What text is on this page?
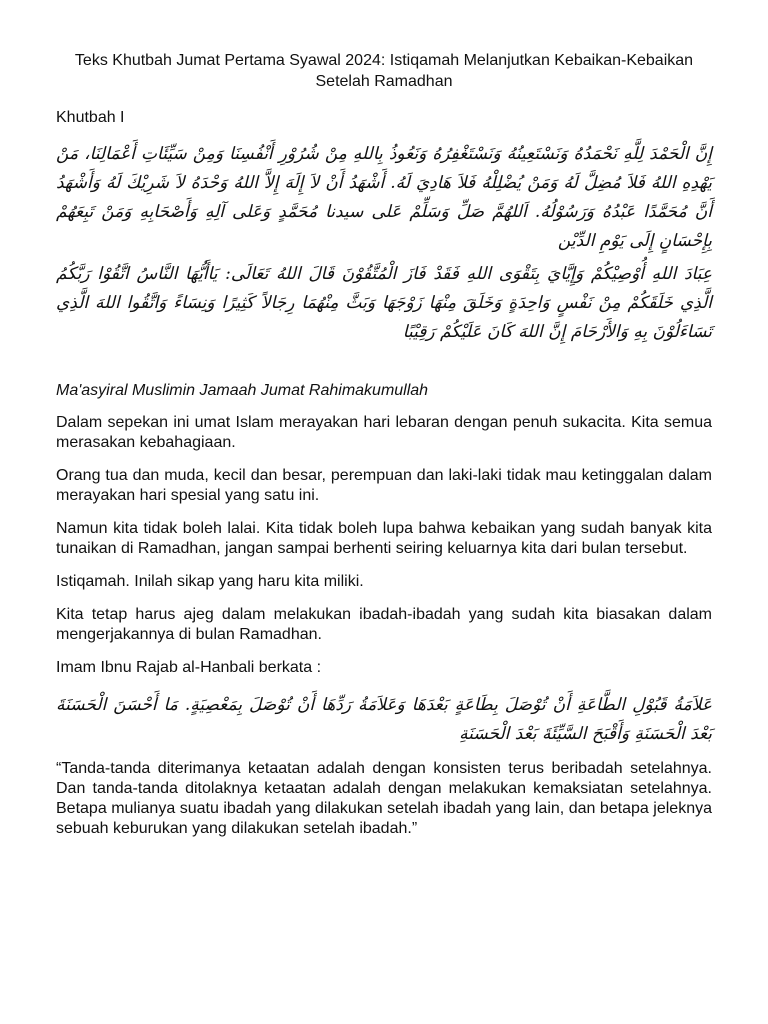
Teks Khutbah Jumat Pertama Syawal 2024: Istiqamah Melanjutkan Kebaikan-Kebaikan Setelah Ramadhan

Khutbah I

إِنَّ الْحَمْدَ لِلَّهِ نَحْمَدُهُ وَنَسْتَعِينُهُ وَنَسْتَغْفِرُهُ وَنَعُوذُ بِاللهِ مِنْ شُرُوْرِ أَنْفُسِنَا وَمِنْ سَيِّئَاتِ أَعْمَالِنَا، مَنْ يَهْدِهِ اللهُ فَلاَ مُضِلَّ لَهُ وَمَنْ يُضْلِلْهُ فَلاَ هَادِيَ لَهُ. أَشْهَدُ أَنْ لاَ إِلَهَ إِلاَّ اللهُ وَحْدَهُ لاَ شَرِيْكَ لَهُ وَأَشْهَدُ أَنَّ مُحَمَّدًا عَبْدُهُ وَرَسُوْلُهُ. اَللهُمَّ صَلِّ وَسَلِّمْ عَلى سيدنا مُحَمَّدٍ وَعَلى آلِهِ وَأَصْحَابِهِ وَمَنْ تَبِعَهُمْ بِإِحْسَانٍ إِلَى يَوْمِ الدِّيْن

عِبَادَ اللهِ أُوْصِيْكُمْ وَإِيَّايَ بِتَقْوَى اللهِ فَقَدْ فَازَ الْمُتَّقُوْنَ قَالَ اللهُ تَعَالَى: يَاأَيُّهَا النَّاسُ اتَّقُوْا رَبَّكُمُ الَّذِي خَلَقَكُمْ مِنْ نَفْسٍ وَاحِدَةٍ وَخَلَقَ مِنْهَا زَوْجَهَا وَبَثَّ مِنْهُمَا رِجَالاً كَثِيرًا وَنِسَاءً وَاتَّقُوا اللهَ الَّذِي تَسَاءَلُوْنَ بِهِ وَالأَرْحَامَ إِنَّ اللهَ كَانَ عَلَيْكُمْ رَقِيْبًا

Ma'asyiral Muslimin Jamaah Jumat Rahimakumullah

Dalam sepekan ini umat Islam merayakan hari lebaran dengan penuh sukacita. Kita semua merasakan kebahagiaan.

Orang tua dan muda, kecil dan besar, perempuan dan laki-laki tidak mau ketinggalan dalam merayakan hari spesial yang satu ini.

Namun kita tidak boleh lalai. Kita tidak boleh lupa bahwa kebaikan yang sudah banyak kita tunaikan di Ramadhan, jangan sampai berhenti seiring keluarnya kita dari bulan tersebut.

Istiqamah. Inilah sikap yang haru kita miliki.

Kita tetap harus ajeg dalam melakukan ibadah-ibadah yang sudah kita biasakan dalam mengerjakannya di bulan Ramadhan.

Imam Ibnu Rajab al-Hanbali berkata :

عَلاَمَةُ قَبُوْلِ الطَّاعَةِ أَنْ تُوْصَلَ بِطَاعَةٍ بَعْدَهَا وَعَلاَمَةُ رَدِّهَا أَنْ تُوْصَلَ بِمَعْصِيَةٍ. مَا أَحْسَنَ الْحَسَنَةَ بَعْدَ الْحَسَنَةِ وَأَقْبَحَ السَّيِّئَةَ بَعْدَ الْحَسَنَةِ

“Tanda-tanda diterimanya ketaatan adalah dengan konsisten terus beribadah setelahnya. Dan tanda-tanda ditolaknya ketaatan adalah dengan melakukan kemaksiatan setelahnya. Betapa mulianya suatu ibadah yang dilakukan setelah ibadah yang lain, dan betapa jeleknya sebuah keburukan yang dilakukan setelah ibadah.”
